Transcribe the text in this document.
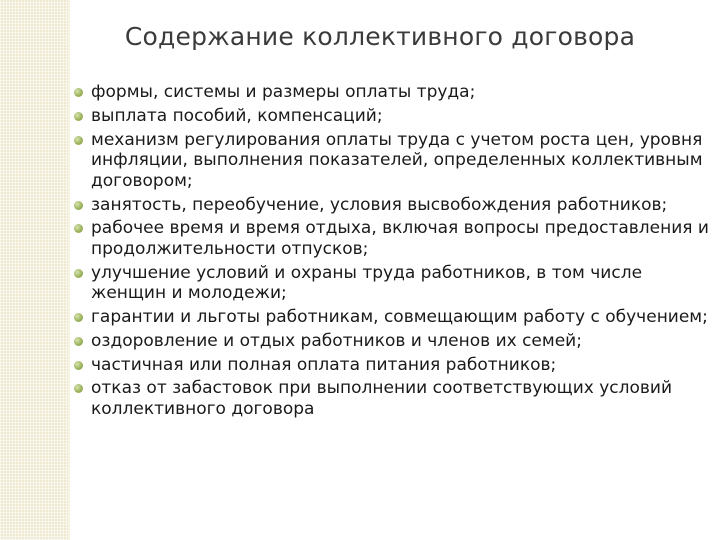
Содержание коллективного договора
формы, системы и размеры оплаты труда;
выплата пособий, компенсаций;
механизм регулирования оплаты труда с учетом роста цен, уровня инфляции, выполнения показателей, определенных коллективным договором;
занятость, переобучение, условия высвобождения работников;
рабочее время и время отдыха, включая вопросы предоставления и продолжительности отпусков;
улучшение условий и охраны труда работников, в том числе женщин и молодежи;
гарантии и льготы работникам, совмещающим работу с обучением;
оздоровление и отдых работников и членов их семей;
частичная или полная оплата питания работников;
отказ от забастовок при выполнении соответствующих условий коллективного договора
